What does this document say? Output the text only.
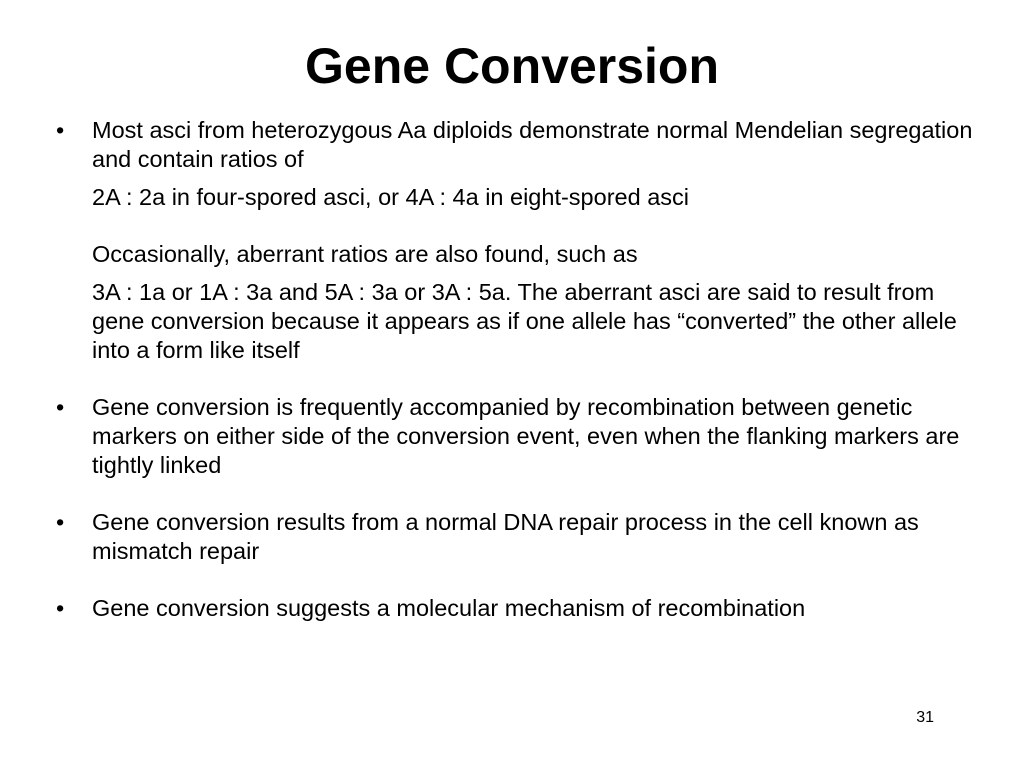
Gene Conversion
• Most asci from heterozygous Aa diploids demonstrate normal Mendelian segregation and contain ratios of

2A : 2a in four-spored asci, or 4A : 4a in eight-spored asci

Occasionally, aberrant ratios are also found, such as

3A : 1a or 1A : 3a and 5A : 3a or 3A : 5a. The aberrant asci are said to result from gene conversion because it appears as if one allele has “converted” the other allele into a form like itself

• Gene conversion is frequently accompanied by recombination between genetic markers on either side of the conversion event, even when the flanking markers are tightly linked

• Gene conversion results from a normal DNA repair process in the cell known as mismatch repair

• Gene conversion suggests a molecular mechanism of recombination

31
